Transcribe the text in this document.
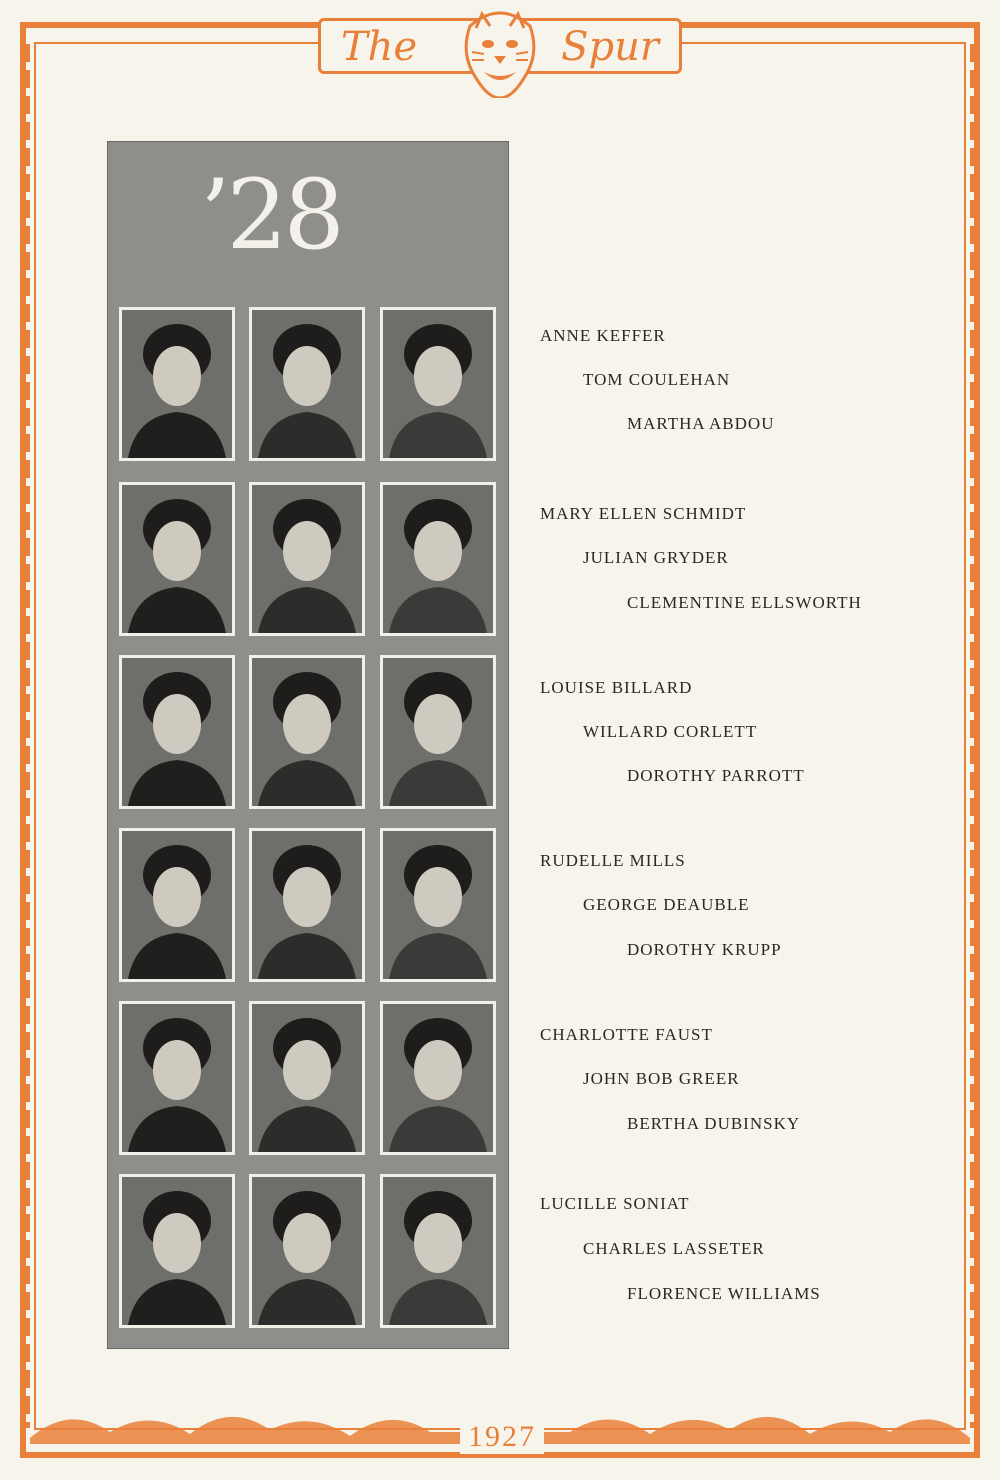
The	Spur
1927
’28
ANNE KEFFER
TOM COULEHAN
MARTHA ABDOU
MARY ELLEN SCHMIDT
JULIAN GRYDER
CLEMENTINE ELLSWORTH
LOUISE BILLARD
WILLARD CORLETT
DOROTHY PARROTT
RUDELLE MILLS
GEORGE DEAUBLE
DOROTHY KRUPP
CHARLOTTE FAUST
JOHN BOB GREER
BERTHA DUBINSKY
LUCILLE SONIAT
CHARLES LASSETER
FLORENCE WILLIAMS
